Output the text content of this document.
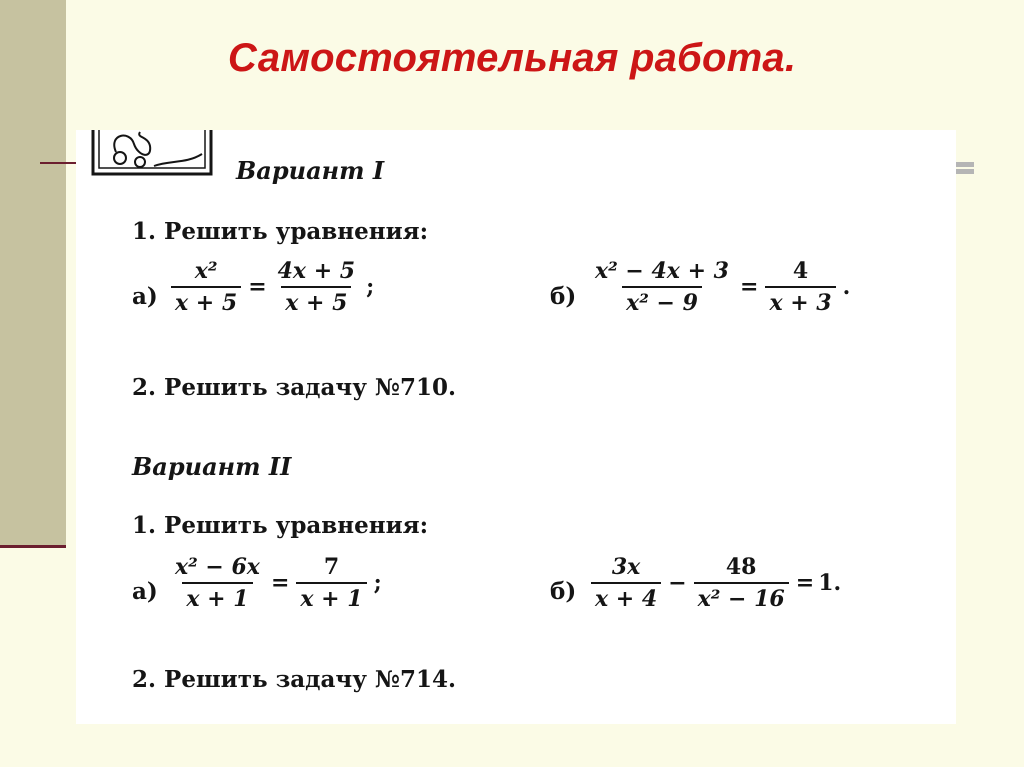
Самостоятельная работа.
Вариант I
1. Решить уравнения:
$а) \frac{\text{x²}}{x + 5} = \frac{4x + 5}{x + 5}$ ;	$б) \frac{\text{x² − 4x + 3}}{\text{x² − 9}} = \frac{4}{x + 3}$ .
2. Решить задачу №710.
Вариант II
1. Решить уравнения:
$а) \frac{\text{x² − 6x}}{x + 1} = \frac{7}{x + 1}$ ;	$б) \frac{3x}{x + 4} - \frac{48}{\text{x² − 16}} = 1$ .
2. Решить задачу №714.
